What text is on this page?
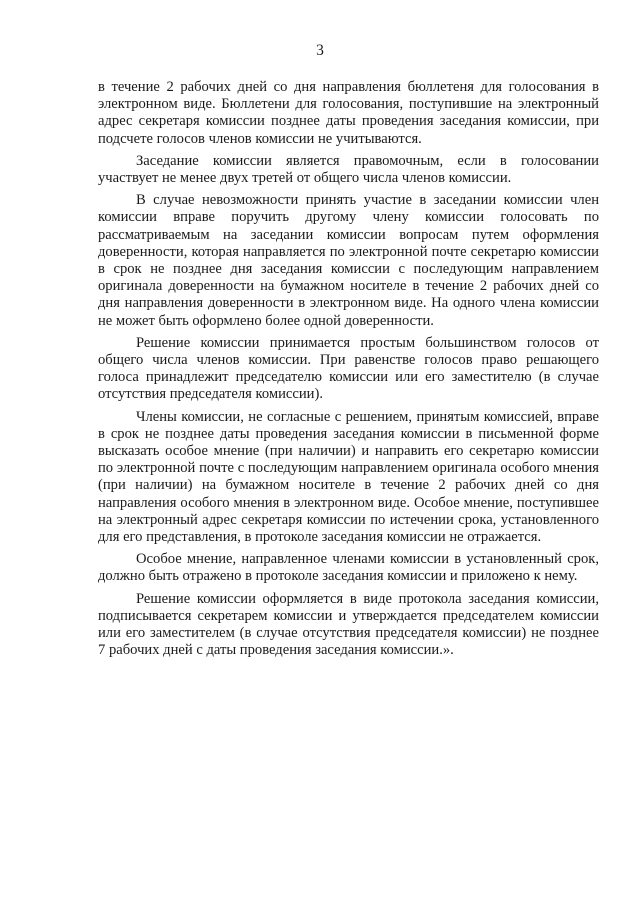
3

в течение 2 рабочих дней со дня направления бюллетеня для голосования в электронном виде. Бюллетени для голосования, поступившие на электронный адрес секретаря комиссии позднее даты проведения заседания комиссии, при подсчете голосов членов комиссии не учитываются.

Заседание комиссии является правомочным, если в голосовании участвует не менее двух третей от общего числа членов комиссии.

В случае невозможности принять участие в заседании комиссии член комиссии вправе поручить другому члену комиссии голосовать по рассматриваемым на заседании комиссии вопросам путем оформления доверенности, которая направляется по электронной почте секретарю комиссии в срок не позднее дня заседания комиссии с последующим направлением оригинала доверенности на бумажном носителе в течение 2 рабочих дней со дня направления доверенности в электронном виде. На одного члена комиссии не может быть оформлено более одной доверенности.

Решение комиссии принимается простым большинством голосов от общего числа членов комиссии. При равенстве голосов право решающего голоса принадлежит председателю комиссии или его заместителю (в случае отсутствия председателя комиссии).

Члены комиссии, не согласные с решением, принятым комиссией, вправе в срок не позднее даты проведения заседания комиссии в письменной форме высказать особое мнение (при наличии) и направить его секретарю комиссии по электронной почте с последующим направлением оригинала особого мнения (при наличии) на бумажном носителе в течение 2 рабочих дней со дня направления особого мнения в электронном виде. Особое мнение, поступившее на электронный адрес секретаря комиссии по истечении срока, установленного для его представления, в протоколе заседания комиссии не отражается.

Особое мнение, направленное членами комиссии в установленный срок, должно быть отражено в протоколе заседания комиссии и приложено к нему.

Решение комиссии оформляется в виде протокола заседания комиссии, подписывается секретарем комиссии и утверждается председателем комиссии или его заместителем (в случае отсутствия председателя комиссии) не позднее 7 рабочих дней с даты проведения заседания комиссии.».
